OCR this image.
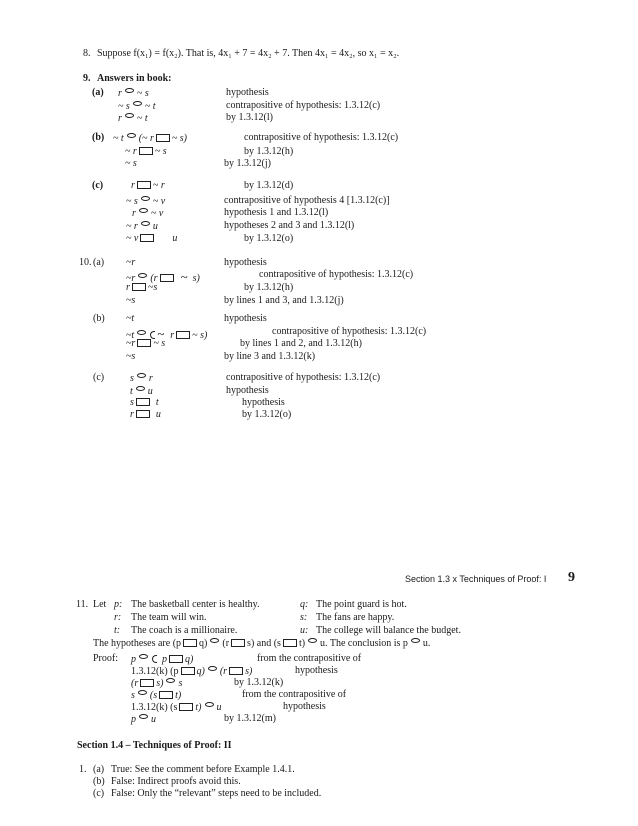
8. Suppose f(x₁) = f(x₂). That is, 4x₁ + 7 = 4x₂ + 7. Then 4x₁ = 4x₂, so x₁ = x₂.
9. Answers in book:
(a) r ~ s	hypothesis
~ s ~ t	contrapositive of hypothesis: 1.3.12(c)
r ~ t	by 1.3.12(l)
(b) ~ t (~ r ~ s)	contrapositive of hypothesis: 1.3.12(c)
~ r ~ s	by 1.3.12(h)
~ s	by 1.3.12(j)
(c)	r ~ r	by 1.3.12(d)
~ s ~ v	contrapositive of hypothesis 4 [1.3.12(c)]
r ~ v	hypothesis 1 and 1.3.12(l)
~ r u	hypotheses 2 and 3 and 1.3.12(l)
~ v	u	by 1.3.12(o)
10. (a) ~r	hypothesis
~r (r ~ s)	contrapositive of hypothesis: 1.3.12(c)
r ~s	by 1.3.12(h)
~s	by lines 1 and 3, and 1.3.12(j)
(b) ~t	hypothesis
~t ~ r ~ s)	contrapositive of hypothesis: 1.3.12(c)
~r ~ s	by lines 1 and 2, and 1.3.12(h)
~s	by line 3 and 1.3.12(k)
(c)	s r	contrapositive of hypothesis: 1.3.12(c)
t u	hypothesis
s t	hypothesis
r u	by 1.3.12(o)
Section 1.3 x Techniques of Proof: I 9
11. Let p: The basketball center is healthy.	q: The point guard is hot.
r: The team will win.	s: The fans are happy.
t: The coach is a millionaire.	u: The college will balance the budget.
The hypotheses are (p q) (r s) and (s t) u. The conclusion is p u.
Proof: p	p q)	from the contrapositive of
1.3.12(k) (p q) (r s)	hypothesis
(r s) s	by 1.3.12(k)
s (s t)	from the contrapositive of
1.3.12(k) (s t) u	hypothesis
p u	by 1.3.12(m)
Section 1.4 – Techniques of Proof: II
1. (a) True: See the comment before Example 1.4.1.
(b) False: Indirect proofs avoid this.
(c) False: Only the “relevant” steps need to be included.
